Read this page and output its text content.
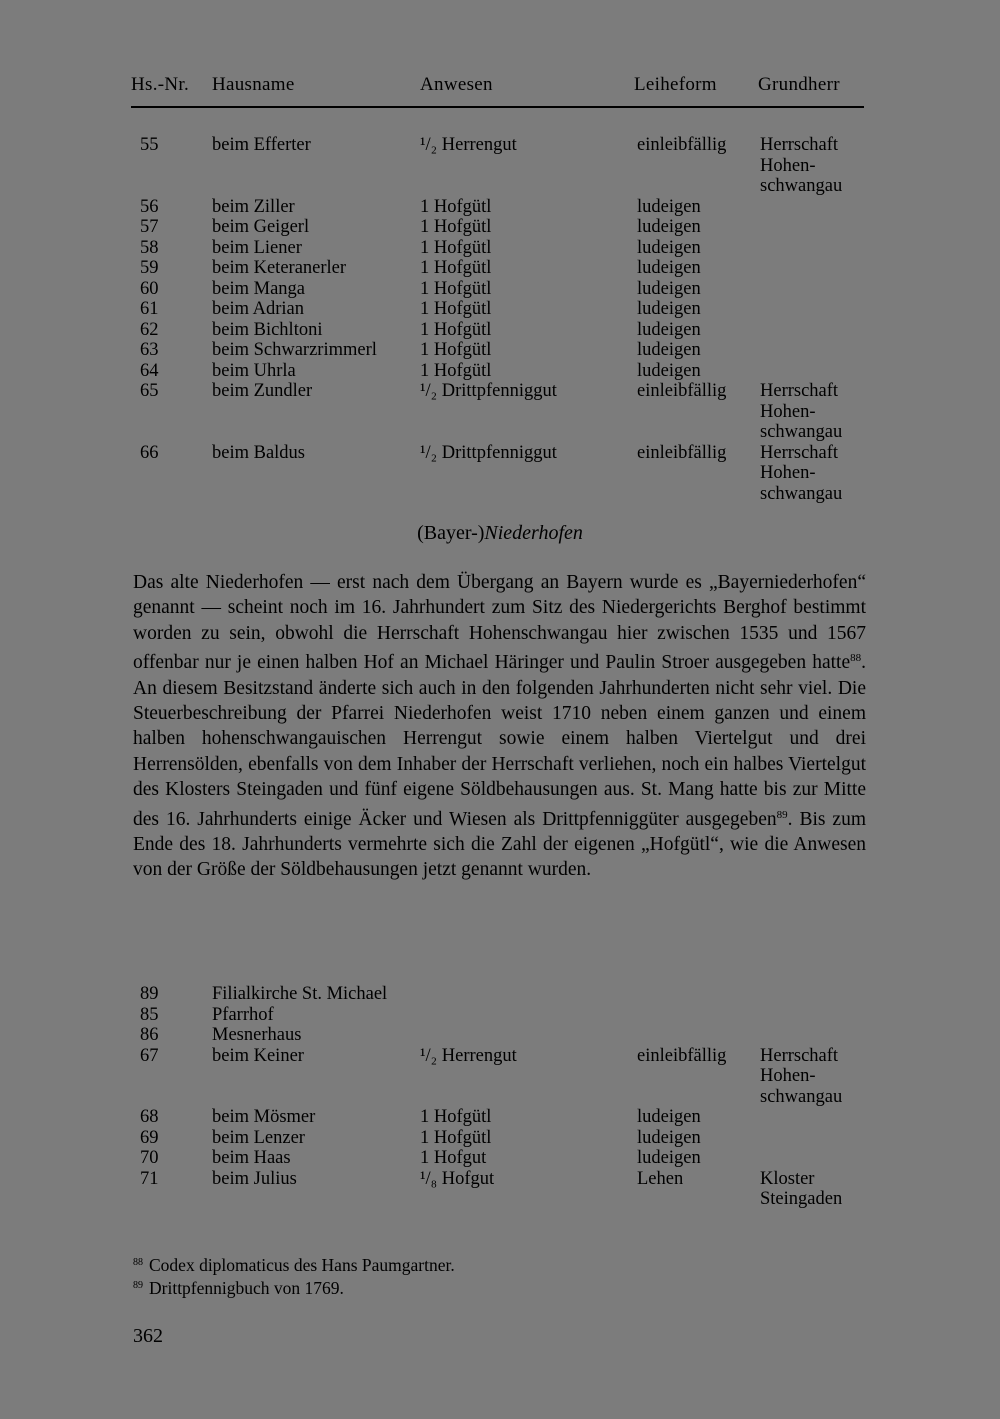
Hs.-Nr. Hausname	Anwesen	Leiheform Grundherr
55	beim Efferter	¹/₂ Herrengut	einleibfällig Herrschaft
Hohen-
schwangau
56	beim Ziller	1 Hofgütl	ludeigen
57	beim Geigerl	1 Hofgütl	ludeigen
58	beim Liener	1 Hofgütl	ludeigen
59	beim Keteranerler	1 Hofgütl	ludeigen
60	beim Manga	1 Hofgütl	ludeigen
61	beim Adrian	1 Hofgütl	ludeigen
62	beim Bichltoni	1 Hofgütl	ludeigen
63	beim Schwarzrimmerl 1 Hofgütl	ludeigen
64	beim Uhrla	1 Hofgütl	ludeigen
65	beim Zundler	¹/₂ Drittpfenniggut	einleibfällig Herrschaft
Hohen-
schwangau
66	beim Baldus	¹/₂ Drittpfenniggut	einleibfällig Herrschaft
Hohen-
schwangau
(Bayer-)Niederhofen

Das alte Niederhofen — erst nach dem Übergang an Bayern wurde es „Bayerniederhofen“ genannt — scheint noch im 16. Jahrhundert zum Sitz des Niedergerichts Berghof bestimmt worden zu sein, obwohl die Herrschaft Hohenschwangau hier zwischen 1535 und 1567 offenbar nur je einen halben Hof an Michael Häringer und Paulin Stroer ausgegeben hatte$^{88}$. An diesem Besitzstand änderte sich auch in den folgenden Jahrhunderten nicht sehr viel. Die Steuerbeschreibung der Pfarrei Niederhofen weist 1710 neben einem ganzen und einem halben hohenschwangauischen Herrengut sowie einem halben Viertelgut und drei Herrensölden, ebenfalls von dem Inhaber der Herrschaft verliehen, noch ein halbes Viertelgut des Klosters Steingaden und fünf eigene Söldbehausungen aus. St. Mang hatte bis zur Mitte des 16. Jahrhunderts einige Äcker und Wiesen als Drittpfenniggüter ausgegeben$^{89}$. Bis zum Ende des 18. Jahrhunderts vermehrte sich die Zahl der eigenen „Hofgütl“, wie die Anwesen von der Größe der Söldbehausungen jetzt genannt wurden.

89	Filialkirche St. Michael
85	Pfarrhof
86	Mesnerhaus
67	beim Keiner	¹/₂ Herrengut	einleibfällig Herrschaft
Hohen-
schwangau
68	beim Mösmer	1 Hofgütl	ludeigen
69	beim Lenzer	1 Hofgütl	ludeigen
70	beim Haas	1 Hofgut	ludeigen
71	beim Julius	¹/₈ Hofgut	Lehen	Kloster
Steingaden
$^{88}$ Codex diplomaticus des Hans Paumgartner.
$^{89}$ Drittpfennigbuch von 1769.
362
